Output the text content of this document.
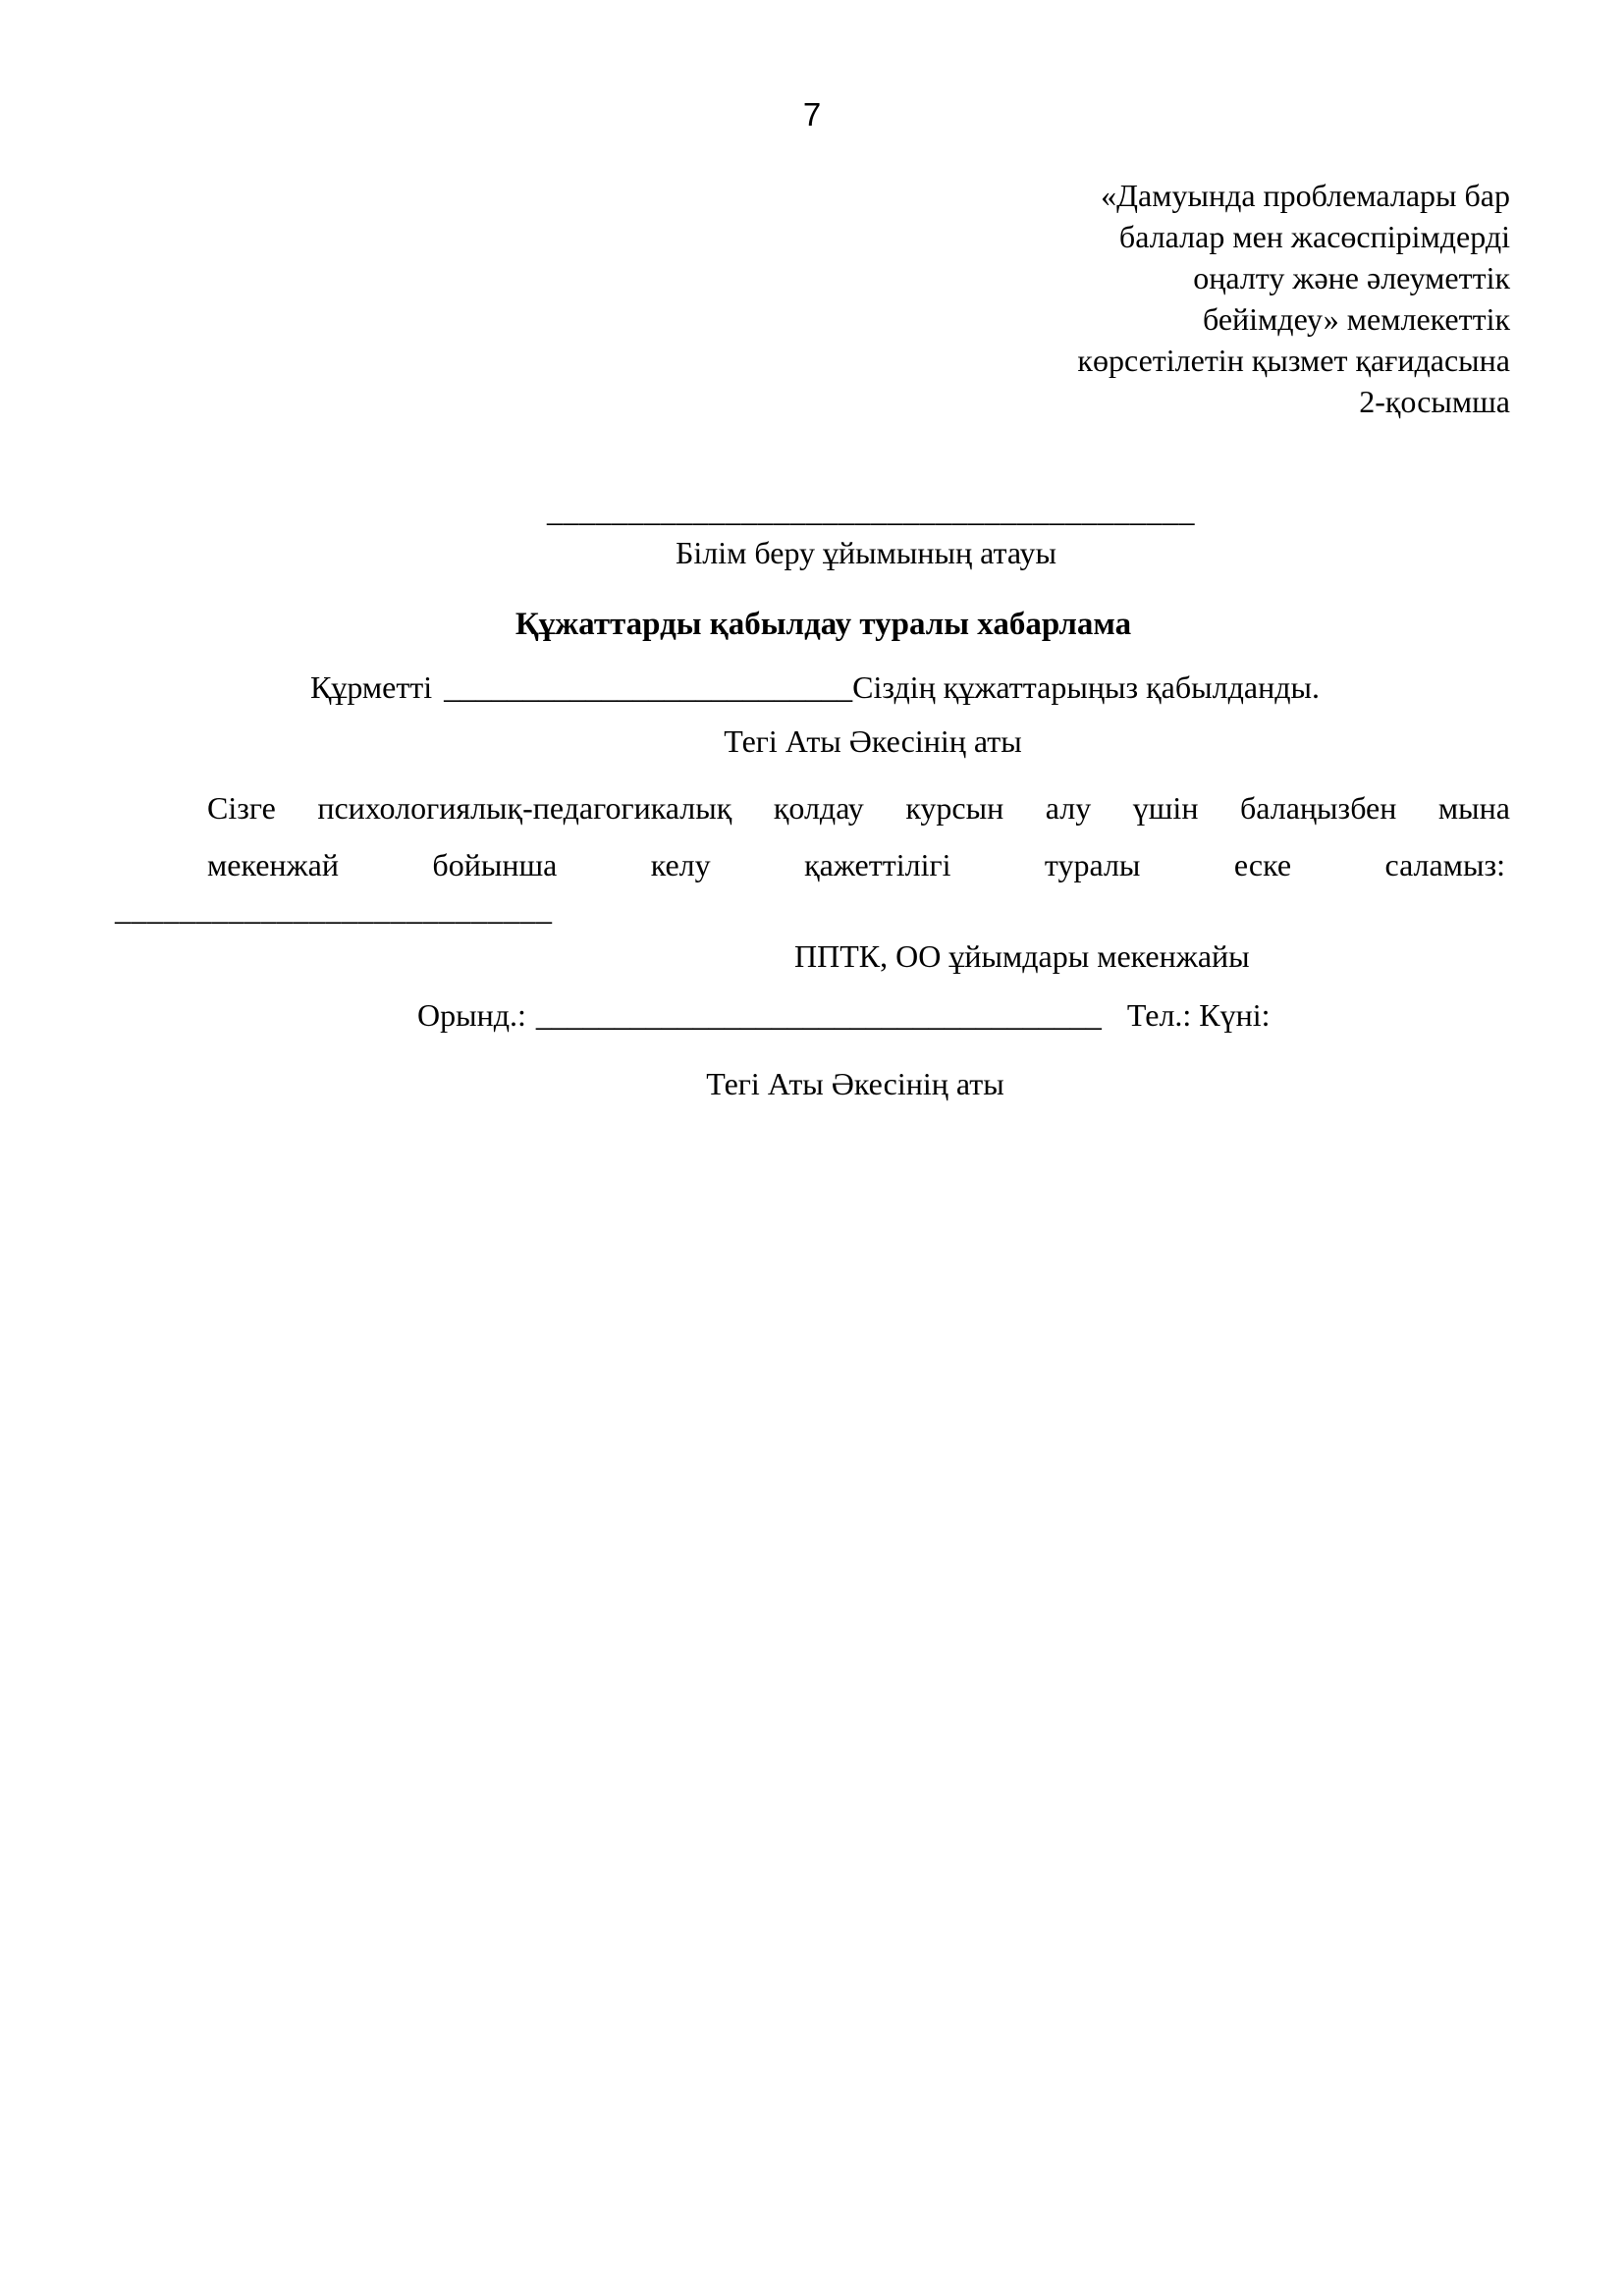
7
«Дамуында проблемалары бар
балалар мен жасөспірімдерді
оңалту және әлеуметтік
бейімдеу» мемлекеттік
көрсетілетін қызмет қағидасына
2-қосымша
________________________________________
Білім беру ұйымының атауы
Құжаттарды қабылдау туралы хабарлама
Құрметті __________________________Сіздің құжаттарыңыз қабылданды.
Тегі Аты Әкесінің аты
Сізге психологиялық-педагогикалық қолдау курсын алу үшін балаңызбен мына
мекенжай бойынша келу қажеттілігі туралы еске саламыз:
___________________________
ППТК, ОО ұйымдары мекенжайы
Орынд.: ____________________________________ Тел.: Күні:
Тегі Аты Әкесінің аты
